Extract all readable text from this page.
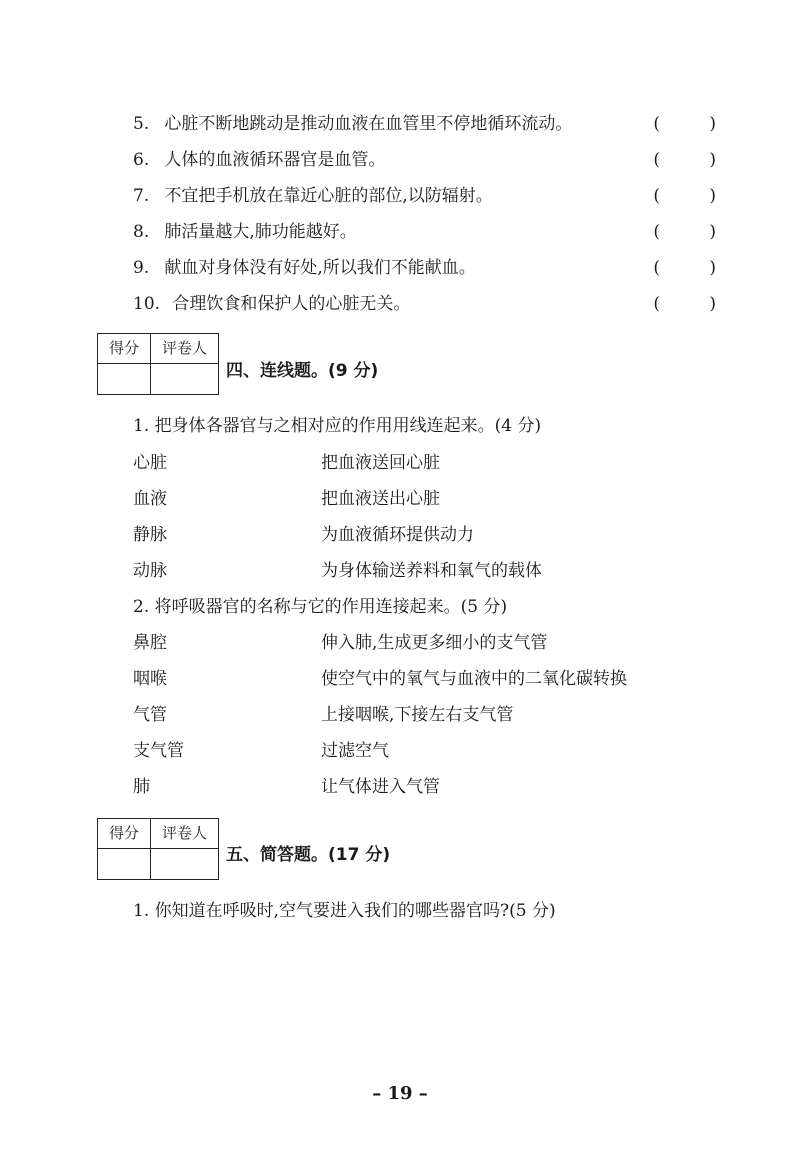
5. 心脏不断地跳动是推动血液在血管里不停地循环流动。	( )
6. 人体的血液循环器官是血管。	( )
7. 不宜把手机放在靠近心脏的部位,以防辐射。	( )
8. 肺活量越大,肺功能越好。	( )
9. 献血对身体没有好处,所以我们不能献血。	( )
10. 合理饮食和保护人的心脏无关。	( )
得分	评卷人
四、连线题。(9 分)
1. 把身体各器官与之相对应的作用用线连起来。(4 分)
心脏	把血液送回心脏
血液	把血液送出心脏
静脉	为血液循环提供动力
动脉	为身体输送养料和氧气的载体
2. 将呼吸器官的名称与它的作用连接起来。(5 分)
鼻腔	伸入肺,生成更多细小的支气管
咽喉	使空气中的氧气与血液中的二氧化碳转换
气管	上接咽喉,下接左右支气管
支气管	过滤空气
肺	让气体进入气管
得分	评卷人
五、简答题。(17 分)
1. 你知道在呼吸时,空气要进入我们的哪些器官吗?(5 分)
– 19 –
